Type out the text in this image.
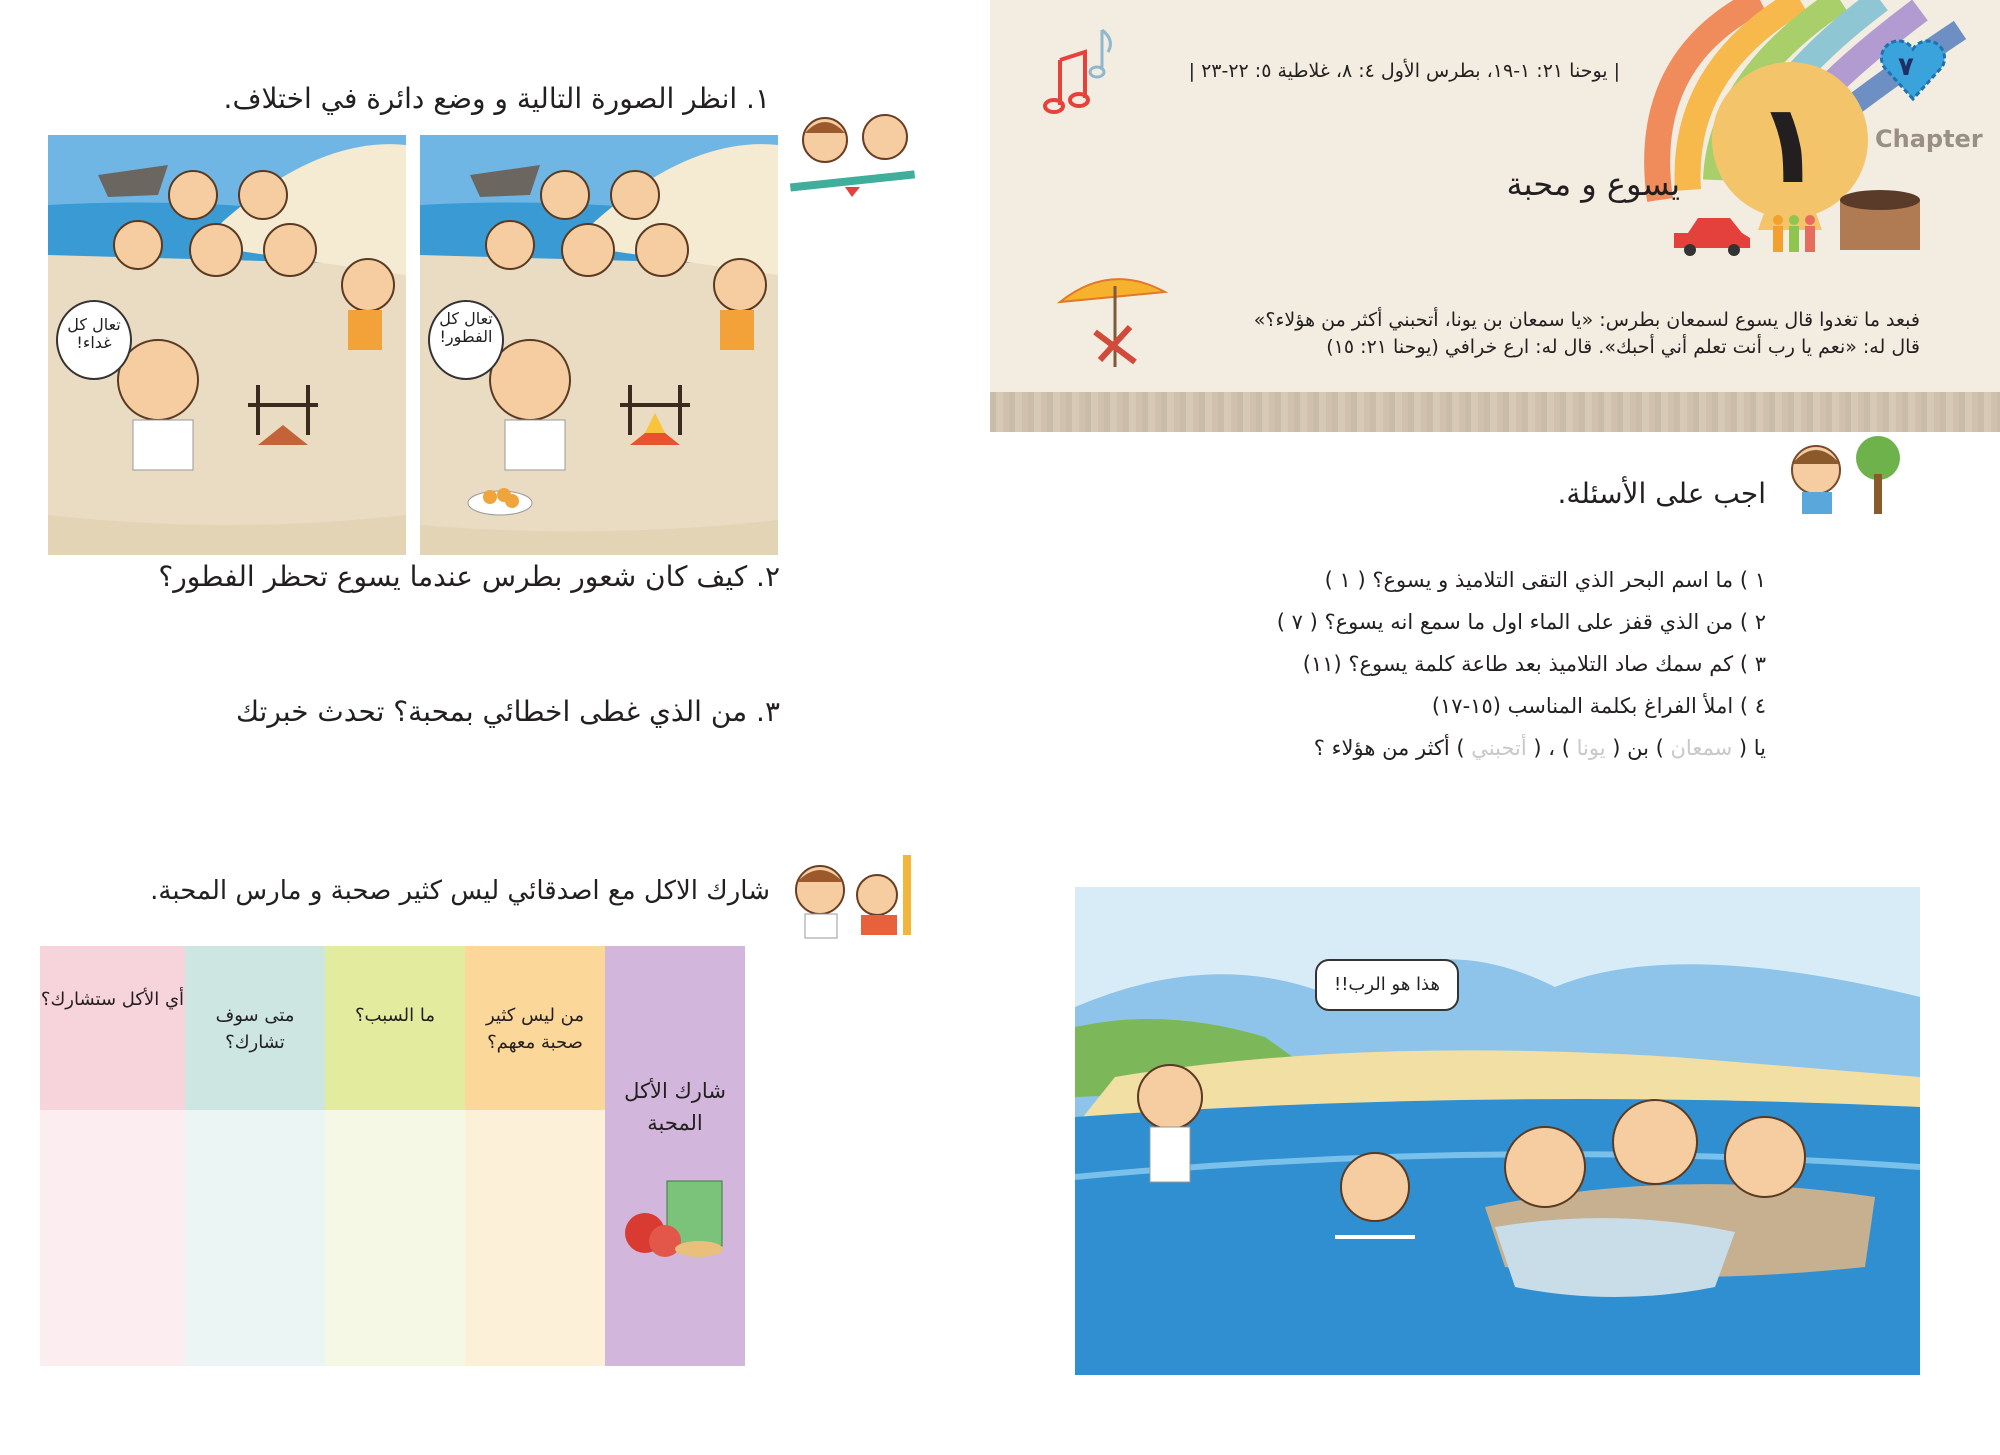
١ Chapter
٧
| يوحنا ٢١: ١-١٩، بطرس الأول ٤: ٨، غلاطية ٥: ٢٢-٢٣ |
يسوع و محبة
فبعد ما تغدوا قال يسوع لسمعان بطرس: «يا سمعان بن يونا، أتحبني أكثر من هؤلاء؟»
قال له: «نعم يا رب أنت تعلم أني أحبك». قال له: ارع خرافي (يوحنا ٢١: ١٥)
اجب على الأسئلة.
١ ) ما اسم البحر الذي التقى التلاميذ و يسوع؟ ( ١ )
٢ ) من الذي قفز على الماء اول ما سمع انه يسوع؟ ( ٧ )
٣ ) كم سمك صاد التلاميذ بعد طاعة كلمة يسوع؟ (١١)
٤ ) املأ الفراغ بكلمة المناسب (١٥-١٧)
يا ( سمعان ) بن ( يونا ) ، ( أتحبني ) أكثر من هؤلاء ؟
هذا هو الرب!!
١. انظر الصورة التالية و وضع دائرة في اختلاف.
تعال كل غداء!
تعال كل الفطور!
٢. كيف كان شعور بطرس عندما يسوع تحظر الفطور؟
٣. من الذي غطى اخطائي بمحبة؟ تحدث خبرتك
شارك الاكل مع اصدقائي ليس كثير صحبة و مارس المحبة.
شارك الأكل المحبة
من ليس كثير صحبة معهم؟
ما السبب؟
متى سوف تشارك؟
أي الأكل ستشارك؟
